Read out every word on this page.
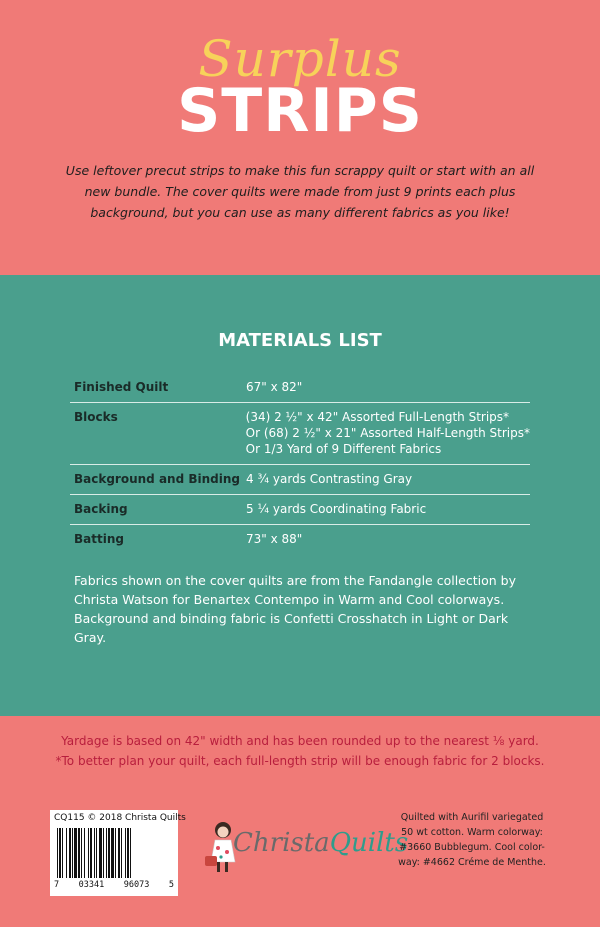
Surplus
STRIPS
Use leftover precut strips to make this fun scrappy quilt or start with an all new bundle. The cover quilts were made from just 9 prints each plus background, but you can use as many different fabrics as you like!
MATERIALS LIST
Finished Quilt	67" x 82"
Blocks	(34) 2 ½" x 42" Assorted Full-Length Strips*
Or (68) 2 ½" x 21" Assorted Half-Length Strips*
Or 1/3 Yard of 9 Different Fabrics
Background and Binding 4 ¾ yards Contrasting Gray
Backing	5 ¼ yards Coordinating Fabric
Batting	73" x 88"
Fabrics shown on the cover quilts are from the Fandangle collection by Christa Watson for Benartex Contempo in Warm and Cool colorways. Background and binding fabric is Confetti Crosshatch in Light or Dark Gray.
Yardage is based on 42" width and has been rounded up to the nearest ⅛ yard.
*To better plan your quilt, each full-length strip will be enough fabric for 2 blocks.
CQ115 © 2018 Christa Quilts
7 03341 96073 5
ChristaQuilts
Quilted with Aurifil variegated
50 wt cotton. Warm colorway:
#3660 Bubblegum. Cool color-
way: #4662 Créme de Menthe.
